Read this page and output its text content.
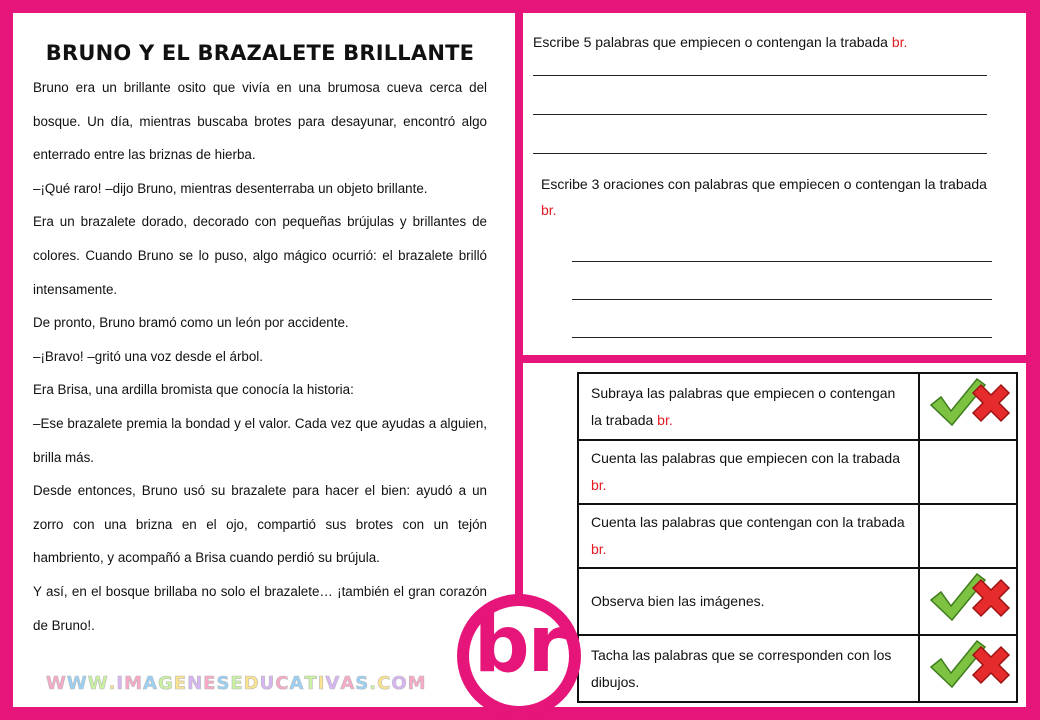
BRUNO Y EL BRAZALETE BRILLANTE

Bruno era un brillante osito que vivía en una brumosa cueva cerca del bosque. Un día, mientras buscaba brotes para desayunar, encontró algo enterrado entre las briznas de hierba.

–¡Qué raro! –dijo Bruno, mientras desenterraba un objeto brillante.

Era un brazalete dorado, decorado con pequeñas brújulas y brillantes de colores. Cuando Bruno se lo puso, algo mágico ocurrió: el brazalete brilló intensamente.

De pronto, Bruno bramó como un león por accidente.

–¡Bravo! –gritó una voz desde el árbol.

Era Brisa, una ardilla bromista que conocía la historia:

–Ese brazalete premia la bondad y el valor. Cada vez que ayudas a alguien, brilla más.

Desde entonces, Bruno usó su brazalete para hacer el bien: ayudó a un zorro con una brizna en el ojo, compartió sus brotes con un tejón hambriento, y acompañó a Brisa cuando perdió su brújula.

Y así, en el bosque brillaba no solo el brazalete… ¡también el gran corazón de Bruno!.

Escribe 5 palabras que empiecen o contengan la trabada br.
Escribe 3 oraciones con palabras que empiecen o contengan la trabada br.
Subraya las palabras que empiecen o contengan la trabada br.	
Cuenta las palabras que empiecen con la trabada br.	
Cuenta las palabras que contengan con la trabada br.	
Observa bien las imágenes.	
Tacha las palabras que se corresponden con los dibujos.	
br
WWW.IMAGENESEDUCATIVAS.COM
